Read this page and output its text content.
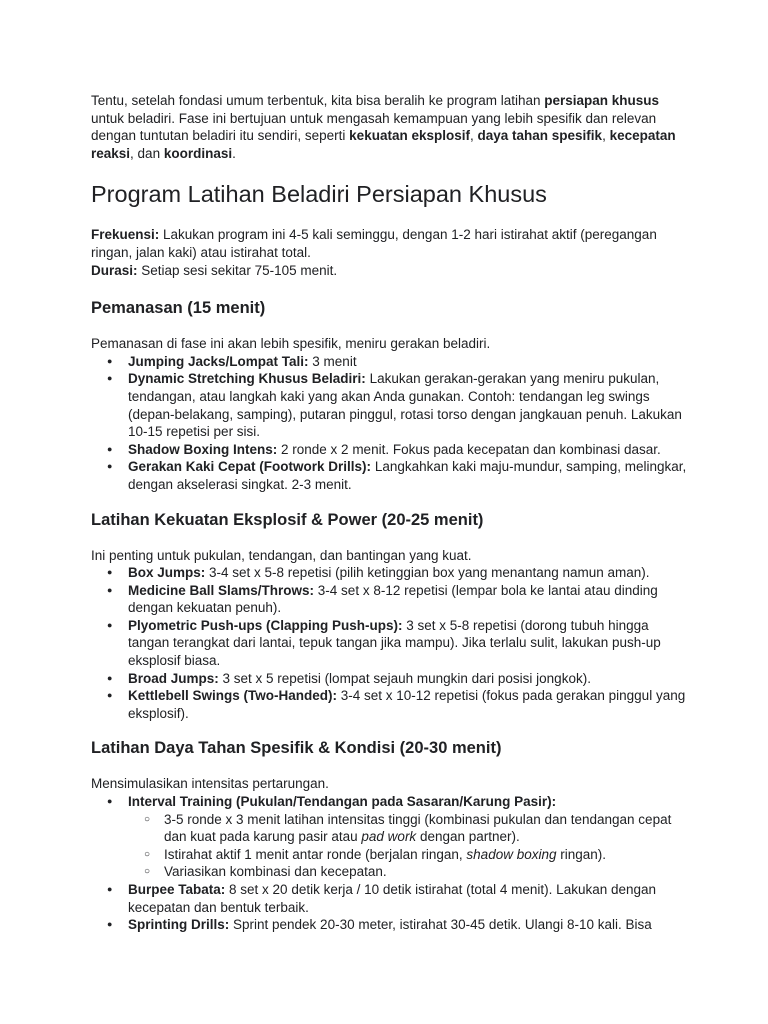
Tentu, setelah fondasi umum terbentuk, kita bisa beralih ke program latihan persiapan khusus untuk beladiri. Fase ini bertujuan untuk mengasah kemampuan yang lebih spesifik dan relevan dengan tuntutan beladiri itu sendiri, seperti kekuatan eksplosif, daya tahan spesifik, kecepatan reaksi, dan koordinasi.

Program Latihan Beladiri Persiapan Khusus

Frekuensi: Lakukan program ini 4-5 kali seminggu, dengan 1-2 hari istirahat aktif (peregangan ringan, jalan kaki) atau istirahat total.

Durasi: Setiap sesi sekitar 75-105 menit.

Pemanasan (15 menit)

Pemanasan di fase ini akan lebih spesifik, meniru gerakan beladiri.

● Jumping Jacks/Lompat Tali: 3 menit
● Dynamic Stretching Khusus Beladiri: Lakukan gerakan-gerakan yang meniru pukulan, tendangan, atau langkah kaki yang akan Anda gunakan. Contoh: tendangan leg swings (depan-belakang, samping), putaran pinggul, rotasi torso dengan jangkauan penuh. Lakukan 10-15 repetisi per sisi.
● Shadow Boxing Intens: 2 ronde x 2 menit. Fokus pada kecepatan dan kombinasi dasar.
● Gerakan Kaki Cepat (Footwork Drills): Langkahkan kaki maju-mundur, samping, melingkar, dengan akselerasi singkat. 2-3 menit.
Latihan Kekuatan Eksplosif & Power (20-25 menit)

Ini penting untuk pukulan, tendangan, dan bantingan yang kuat.

● Box Jumps: 3-4 set x 5-8 repetisi (pilih ketinggian box yang menantang namun aman).
● Medicine Ball Slams/Throws: 3-4 set x 8-12 repetisi (lempar bola ke lantai atau dinding dengan kekuatan penuh).
● Plyometric Push-ups (Clapping Push-ups): 3 set x 5-8 repetisi (dorong tubuh hingga tangan terangkat dari lantai, tepuk tangan jika mampu). Jika terlalu sulit, lakukan push-up eksplosif biasa.
● Broad Jumps: 3 set x 5 repetisi (lompat sejauh mungkin dari posisi jongkok).
● Kettlebell Swings (Two-Handed): 3-4 set x 10-12 repetisi (fokus pada gerakan pinggul yang eksplosif).
Latihan Daya Tahan Spesifik & Kondisi (20-30 menit)

Mensimulasikan intensitas pertarungan.

● Interval Training (Pukulan/Tendangan pada Sasaran/Karung Pasir):
○ 3-5 ronde x 3 menit latihan intensitas tinggi (kombinasi pukulan dan tendangan cepat dan kuat pada karung pasir atau pad work dengan partner).
○ Istirahat aktif 1 menit antar ronde (berjalan ringan, shadow boxing ringan).
○ Variasikan kombinasi dan kecepatan.
● Burpee Tabata: 8 set x 20 detik kerja / 10 detik istirahat (total 4 menit). Lakukan dengan kecepatan dan bentuk terbaik.
● Sprinting Drills: Sprint pendek 20-30 meter, istirahat 30-45 detik. Ulangi 8-10 kali. Bisa
